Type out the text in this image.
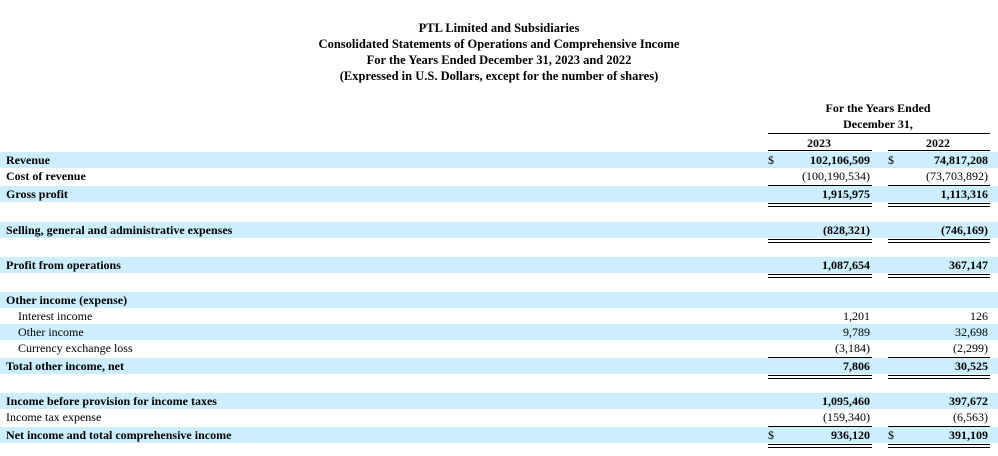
PTL Limited and Subsidiaries
Consolidated Statements of Operations and Comprehensive Income
For the Years Ended December 31, 2023 and 2022
(Expressed in U.S. Dollars, except for the number of shares)
For the Years Ended
December 31,
2023	2022
Revenue	$	102,106,509 $	74,817,208
Cost of revenue	(100,190,534)	(73,703,892)
Gross profit	1,915,975	1,113,316
Selling, general and administrative expenses	(828,321)	(746,169)
Profit from operations	1,087,654	367,147
Other income (expense)
Interest income	1,201	126
Other income	9,789	32,698
Currency exchange loss	(3,184)	(2,299)
Total other income, net	7,806	30,525
Income before provision for income taxes	1,095,460	397,672
Income tax expense	(159,340)	(6,563)
Net income and total comprehensive income	$	936,120 $	391,109
